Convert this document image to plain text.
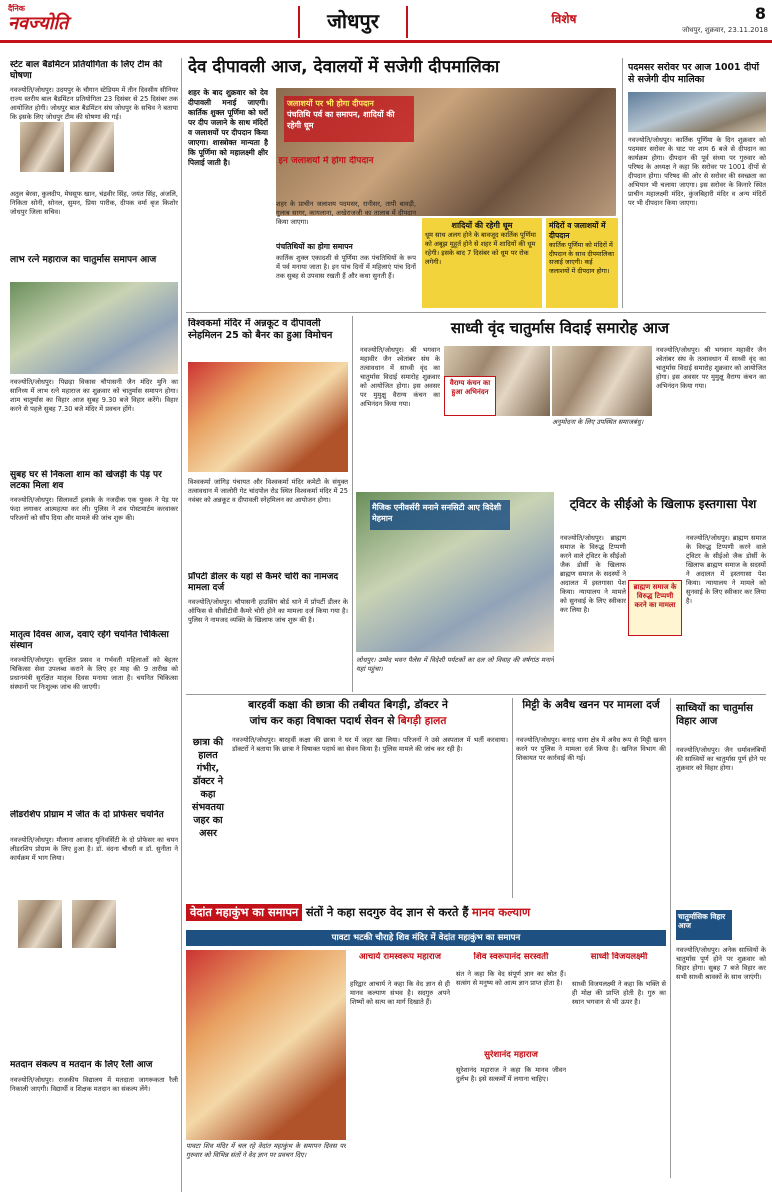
दैनिक
नवज्योति	जोधपुर	विशेष	8
जोधपुर, शुक्रवार, 23.11.2018
स्टेट बाल बैडमिंटन प्रतियोगिता के लिए टीम की घोषणा
नवज्योति/जोधपुर। उदयपुर के चौगान स्टेडियम में तीन दिवसीय सीनियर राज्य स्तरीय बाल बैडमिंटन प्रतियोगिता 23 दिसंबर से 25 दिसंबर तक आयोजित होगी। जोधपुर बाल बैडमिंटन संघ जोधपुर के सचिव ने बताया कि इसके लिए जोधपुर टीम की घोषणा की गई।
अतुल बेरवा, कुलदीप, मेघसूफ खान, चंद्रवीर सिंह, जयंत सिंह, अंजलि, निकिता सोनी, सोनल, सुमन, प्रिया पारीक, दीपक वर्मा बृज किशोर जोधपुर जिला सचिव।
लाभ रत्ने महाराज का चातुर्मास समापन आज
नवज्योति/जोधपुर। पिछड़ा विकास चौपासनी जैन मंदिर मुनि का सानिध्य में लाभ रत्ने महाराज का शुक्रवार को चातुर्मास समापन होगा। शाम चातुर्मास का विहार आज सुबह 9.30 बजे विहार करेंगे। विहार करने से पहले सुबह 7.30 बजे मंदिर में प्रवचन होंगे।
सुबह घर से निकला शाम को खेजड़ी के पेड़ पर लटका मिला शव
नवज्योति/जोधपुर। सिलावटों इलाके के नजदीक एक युवक ने पेड़ पर फंदा लगाकर आत्महत्या कर ली। पुलिस ने शव पोस्टमार्टम करवाकर परिजनों को सौंप दिया और मामले की जांच शुरू की।
मातृत्व दिवस आज, दवाएं रहेंगे चयनित चिकित्सा संस्थान
नवज्योति/जोधपुर। सुरक्षित प्रसव व गर्भवती महिलाओं को बेहतर चिकित्सा सेवा उपलब्ध कराने के लिए हर माह की 9 तारीख को प्रधानमंत्री सुरक्षित मातृत्व दिवस मनाया जाता है। चयनित चिकित्सा संस्थानों पर निःशुल्क जांच की जाएगी।
लीडरशिप प्रोग्राम में जीत के दो प्रोफेसर चयनित
नवज्योति/जोधपुर। मौलाना आजाद यूनिवर्सिटी के दो प्रोफेसर का चयन लीडरशिप प्रोग्राम के लिए हुआ है। डॉ. वंदना चौधरी व डॉ. सुनीता ने कार्यक्रम में भाग लिया।
मतदान संकल्प व मतदान के लिए रैली आज
नवज्योति/जोधपुर। राजकीय विद्यालय में मतदाता जागरूकता रैली निकाली जाएगी। विद्यार्थी व शिक्षक मतदान का संकल्प लेंगे।
देव दीपावली आज, देवालयों में सजेगी दीपमालिका
शहर के बाद शुक्रवार को देव दीपावली मनाई जाएगी। कार्तिक शुक्ल पूर्णिमा को घरों पर दीप जलाने के साथ मंदिरों व जलाशयों पर दीपदान किया जाएगा। शास्त्रोक्त मान्यता है कि पूर्णिमा को महालक्ष्मी क्षीर पिलाई जाती है।
जलाशयों पर भी होगा दीपदान
पंचतिथि पर्व का समापन, शादियों की रहेगी धूम
इन जलाशयों में होगा दीपदान
शहर के प्राचीन जलाशय पदमसर, रानीसर, तापी बावड़ी, गुलाब सागर, कायलाना, अखेराजजी का तालाब में दीपदान किया जाएगा।
पंचतिथियों का होगा समापन
कार्तिक शुक्ल एकादशी से पूर्णिमा तक पंचतिथियों के रूप में पर्व मनाया जाता है। इन पांच दिनों में महिलाएं पांच दिनों तक सुबह से उपवास रखती हैं और कथा सुनती हैं।
शादियों की रहेगी धूम
धूम साथ अलग होने के बावजूद कार्तिक पूर्णिमा को अबूझ मुहूर्त होने से शहर में शादियों की धूम रहेगी। इसके बाद 7 दिसंबर को धूम पर रोक लगेगी।
मंदिरों व जलाशयों में दीपदान
कार्तिक पूर्णिमा को मंदिरों में दीपदान के साथ दीपमालिका सजाई जाएगी। कई जलाशयों में दीपदान होगा।
पदमसर सरोवर पर आज 1001 दीपों से सजेगी दीप मालिका
नवज्योति/जोधपुर। कार्तिक पूर्णिमा के दिन शुक्रवार को पदमसर सरोवर के घाट पर शाम 6 बजे से दीपदान का कार्यक्रम होगा। दीपदान की पूर्व संध्या पर गुरुवार को परिषद के अध्यक्ष ने कहा कि सरोवर पर 1001 दीपों से दीपदान होगा। परिषद की ओर से सरोवर की स्वच्छता का अभियान भी चलाया जाएगा। इस सरोवर के किनारे स्थित प्राचीन महालक्ष्मी मंदिर, कुंजबिहारी मंदिर व अन्य मंदिरों पर भी दीपदान किया जाएगा।
विश्वकर्मा मंदिर में अन्नकूट व दीपावली स्नेहमिलन 25 को बैनर का हुआ विमोचन
विश्वकर्मा जांगिड़ पंचायत और विश्वकर्मा मंदिर कमेटी के संयुक्त तत्वावधान में जालोरी गेट चांदपोल रोड स्थित विश्वकर्मा मंदिर में 25 नवंबर को अन्नकूट व दीपावली स्नेहमिलन का आयोजन होगा।
प्रॉपर्टी डीलर के यहां से कैमरे चोरी का नामजद मामला दर्ज
नवज्योति/जोधपुर। चौपासनी हाउसिंग बोर्ड थाने में प्रॉपर्टी डीलर के ऑफिस से सीसीटीवी कैमरे चोरी होने का मामला दर्ज किया गया है। पुलिस ने नामजद व्यक्ति के खिलाफ जांच शुरू की है।
साध्वी वृंद चातुर्मास विदाई समारोह आज
नवज्योति/जोधपुर। श्री भगवान महावीर जैन श्वेतांबर संघ के तत्वावधान में साध्वी वृंद का चातुर्मास विदाई समारोह शुक्रवार को आयोजित होगा। इस अवसर पर मुमुक्षु वैराग्य कंचन का अभिनंदन किया गया।
वैराग्य कंचन का हुआ अभिनंदन
अनुमोदना के लिए उपस्थित समाजबंधु।
नवज्योति/जोधपुर। श्री भगवान महावीर जैन श्वेतांबर संघ के तत्वावधान में साध्वी वृंद का चातुर्मास विदाई समारोह शुक्रवार को आयोजित होगा। इस अवसर पर मुमुक्षु वैराग्य कंचन का अभिनंदन किया गया।
मैजिक एनीवर्सरी मनाने सनसिटी आए विदेशी मेहमान
जोधपुर। उम्मेद भवन पैलेस में विदेशी पर्यटकों का दल जो विवाह की वर्षगांठ मनाने यहां पहुंचा।
ट्विटर के सीईओ के खिलाफ इस्तगासा पेश
नवज्योति/जोधपुर। ब्राह्मण समाज के विरुद्ध टिप्पणी करने वाले ट्विटर के सीईओ जैक डोर्सी के खिलाफ ब्राह्मण समाज के सदस्यों ने अदालत में इस्तगासा पेश किया। न्यायालय ने मामले को सुनवाई के लिए स्वीकार कर लिया है।
ब्राह्मण समाज के विरुद्ध टिप्पणी करने का मामला
नवज्योति/जोधपुर। ब्राह्मण समाज के विरुद्ध टिप्पणी करने वाले ट्विटर के सीईओ जैक डोर्सी के खिलाफ ब्राह्मण समाज के सदस्यों ने अदालत में इस्तगासा पेश किया। न्यायालय ने मामले को सुनवाई के लिए स्वीकार कर लिया है।
बारहवीं कक्षा की छात्रा की तबीयत बिगड़ी, डॉक्टर ने
जांच कर कहा विषाक्त पदार्थ सेवन से बिगड़ी हालत
छात्रा की हालत गंभीर, डॉक्टर ने कहा संभवतया जहर का असर
नवज्योति/जोधपुर। बारहवीं कक्षा की छात्रा ने घर में जहर खा लिया। परिजनों ने उसे अस्पताल में भर्ती करवाया। डॉक्टरों ने बताया कि छात्रा ने विषाक्त पदार्थ का सेवन किया है। पुलिस मामले की जांच कर रही है।
मिट्टी के अवैध खनन पर मामला दर्ज
नवज्योति/जोधपुर। बनाड़ थाना क्षेत्र में अवैध रूप से मिट्टी खनन करने पर पुलिस ने मामला दर्ज किया है। खनिज विभाग की शिकायत पर कार्रवाई की गई।
साध्वियों का चातुर्मास विहार आज
नवज्योति/जोधपुर। जैन धर्मावलंबियों की साध्वियों का चातुर्मास पूर्ण होने पर शुक्रवार को विहार होगा।
चातुर्मासिक विहार आज
नवज्योति/जोधपुर। अनेक साध्वियों के चातुर्मास पूर्ण होने पर शुक्रवार को विहार होगा। सुबह 7 बजे विहार कर सभी साध्वी श्रावकों के साथ जाएंगी।
वेदांत महाकुंभ का समापन संतों ने कहा सदगुरु वेद ज्ञान से करते हैं मानव कल्याण
पावटा भटकी चौराहे शिव मंदिर में वेदांत महाकुंभ का समापन
पावटा शिव मंदिर में चल रहे वेदांत महाकुंभ के समापन दिवस पर गुरुवार को विभिन्न संतों ने वेद ज्ञान पर प्रवचन दिए।
आचार्य रामस्वरूप महाराज
हरिद्वार आचार्य ने कहा कि वेद ज्ञान से ही मानव कल्याण संभव है। सदगुरु अपने शिष्यों को सत्य का मार्ग दिखाते हैं।
शिव स्वरूपानंद सरस्वती
संत ने कहा कि वेद संपूर्ण ज्ञान का स्रोत हैं। सत्संग से मनुष्य को आत्म ज्ञान प्राप्त होता है।
सुरेशानंद महाराज
सुरेशानंद महाराज ने कहा कि मानव जीवन दुर्लभ है। इसे सत्कर्मों में लगाना चाहिए।
साध्वी विजयलक्ष्मी
साध्वी विजयलक्ष्मी ने कहा कि भक्ति से ही मोक्ष की प्राप्ति होती है। गुरु का स्थान भगवान से भी ऊपर है।
